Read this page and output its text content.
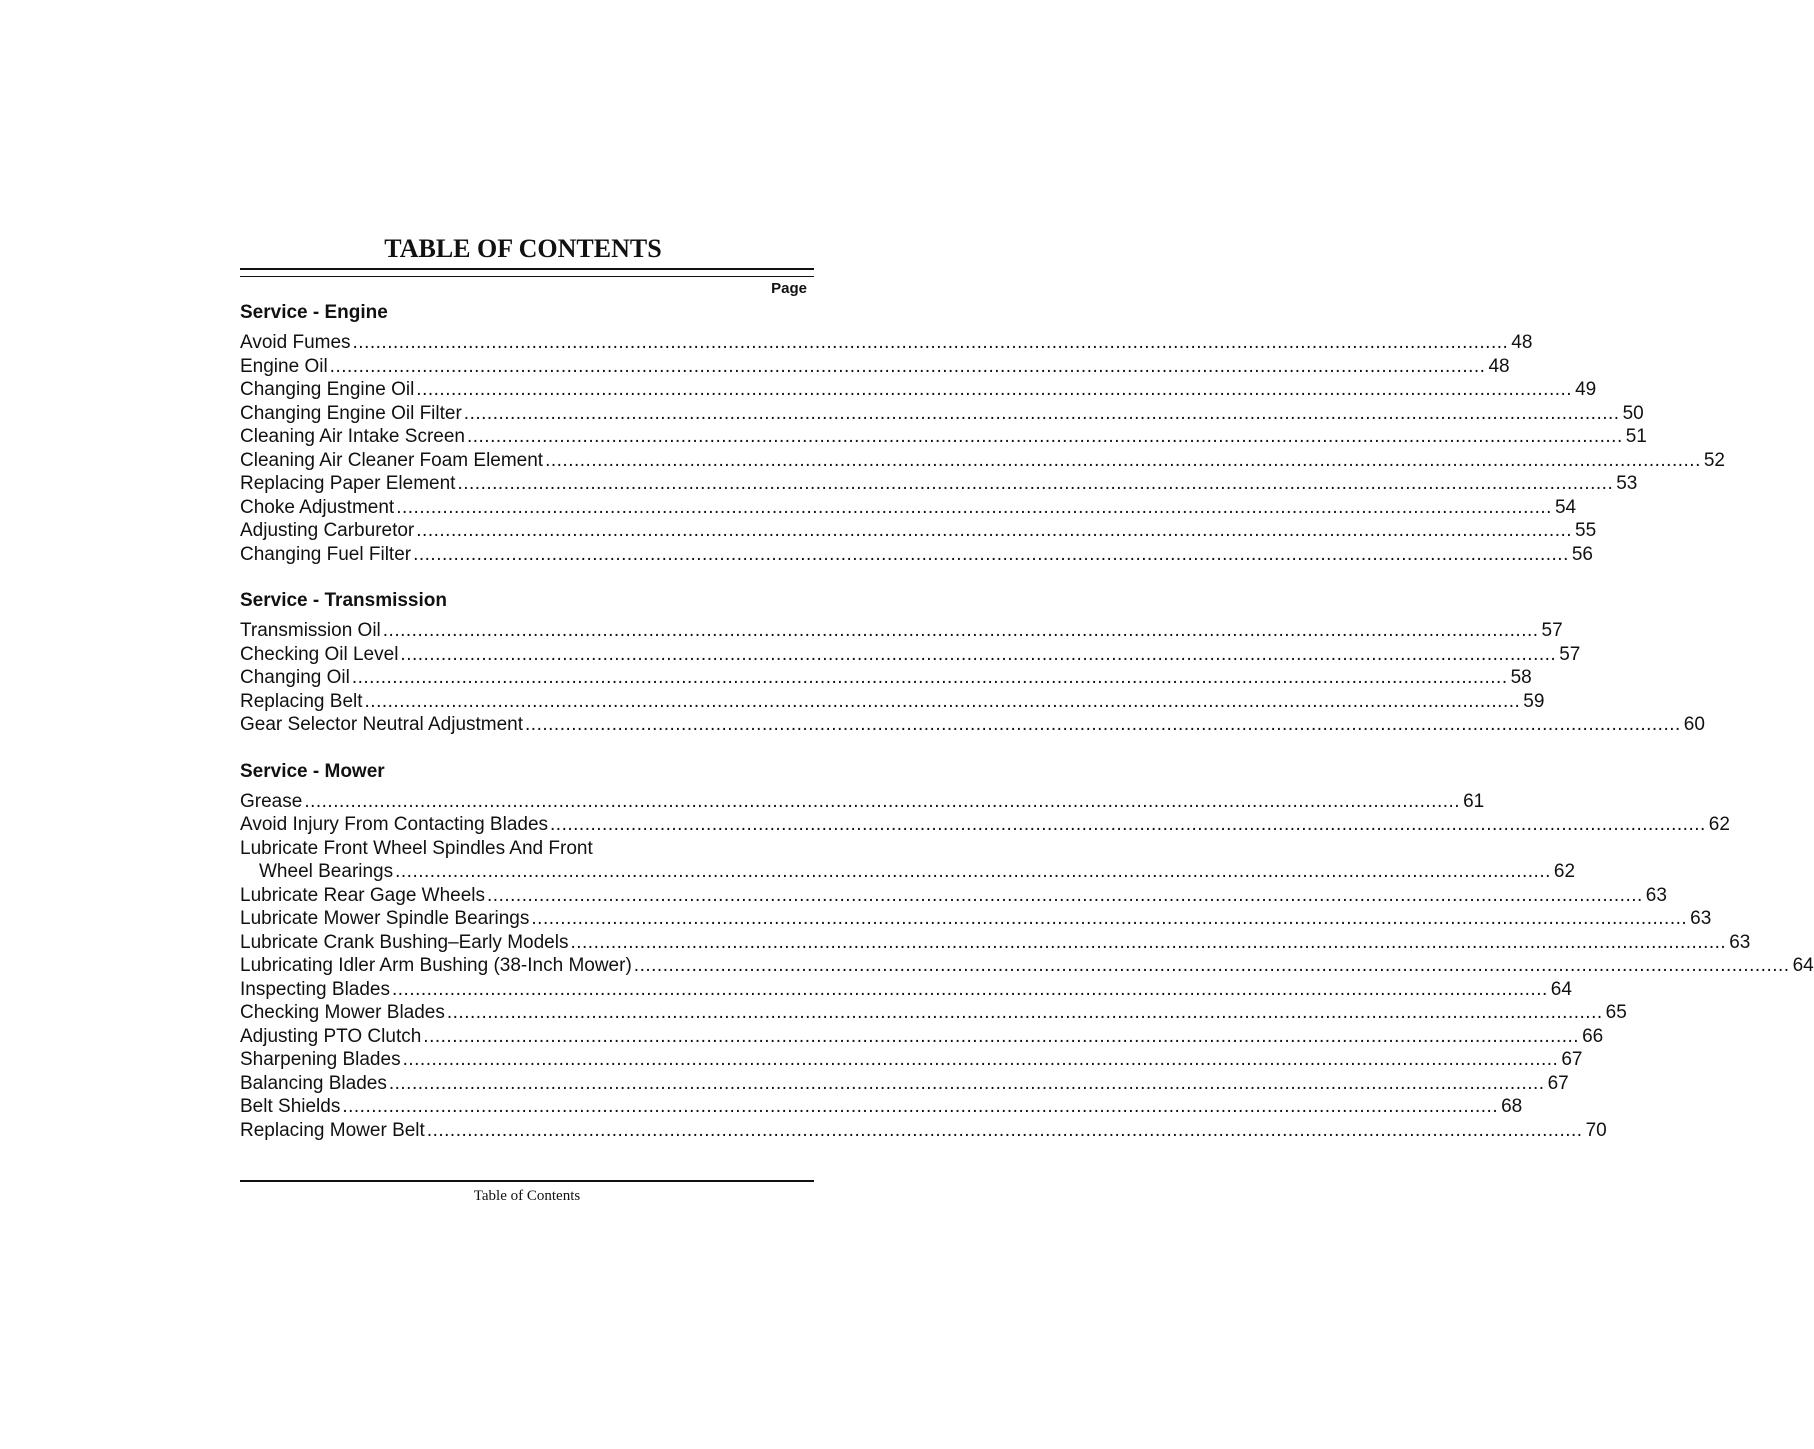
TABLE OF CONTENTS
Page
Service - Engine
Avoid Fumes ........................................................................................................................................................................................................ 48
Engine Oil ........................................................................................................................................................................................................ 48
Changing Engine Oil ........................................................................................................................................................................................................ 49
Changing Engine Oil Filter ........................................................................................................................................................................................................ 50
Cleaning Air Intake Screen ........................................................................................................................................................................................................ 51
Cleaning Air Cleaner Foam Element ........................................................................................................................................................................................................ 52
Replacing Paper Element ........................................................................................................................................................................................................ 53
Choke Adjustment ........................................................................................................................................................................................................ 54
Adjusting Carburetor ........................................................................................................................................................................................................ 55
Changing Fuel Filter ........................................................................................................................................................................................................ 56
Service - Transmission
Transmission Oil ........................................................................................................................................................................................................ 57
Checking Oil Level ........................................................................................................................................................................................................ 57
Changing Oil ........................................................................................................................................................................................................ 58
Replacing Belt ........................................................................................................................................................................................................ 59
Gear Selector Neutral Adjustment ........................................................................................................................................................................................................ 60
Service - Mower
Grease ........................................................................................................................................................................................................ 61
Avoid Injury From Contacting Blades ........................................................................................................................................................................................................ 62
Lubricate Front Wheel Spindles And Front
Wheel Bearings ........................................................................................................................................................................................................ 62
Lubricate Rear Gage Wheels ........................................................................................................................................................................................................ 63
Lubricate Mower Spindle Bearings ........................................................................................................................................................................................................ 63
Lubricate Crank Bushing–Early Models ........................................................................................................................................................................................................ 63
Lubricating Idler Arm Bushing (38-Inch Mower) ........................................................................................................................................................................................................ 64
Inspecting Blades ........................................................................................................................................................................................................ 64
Checking Mower Blades ........................................................................................................................................................................................................ 65
Adjusting PTO Clutch ........................................................................................................................................................................................................ 66
Sharpening Blades ........................................................................................................................................................................................................ 67
Balancing Blades ........................................................................................................................................................................................................ 67
Belt Shields ........................................................................................................................................................................................................ 68
Replacing Mower Belt ........................................................................................................................................................................................................ 70
Table of Contents
